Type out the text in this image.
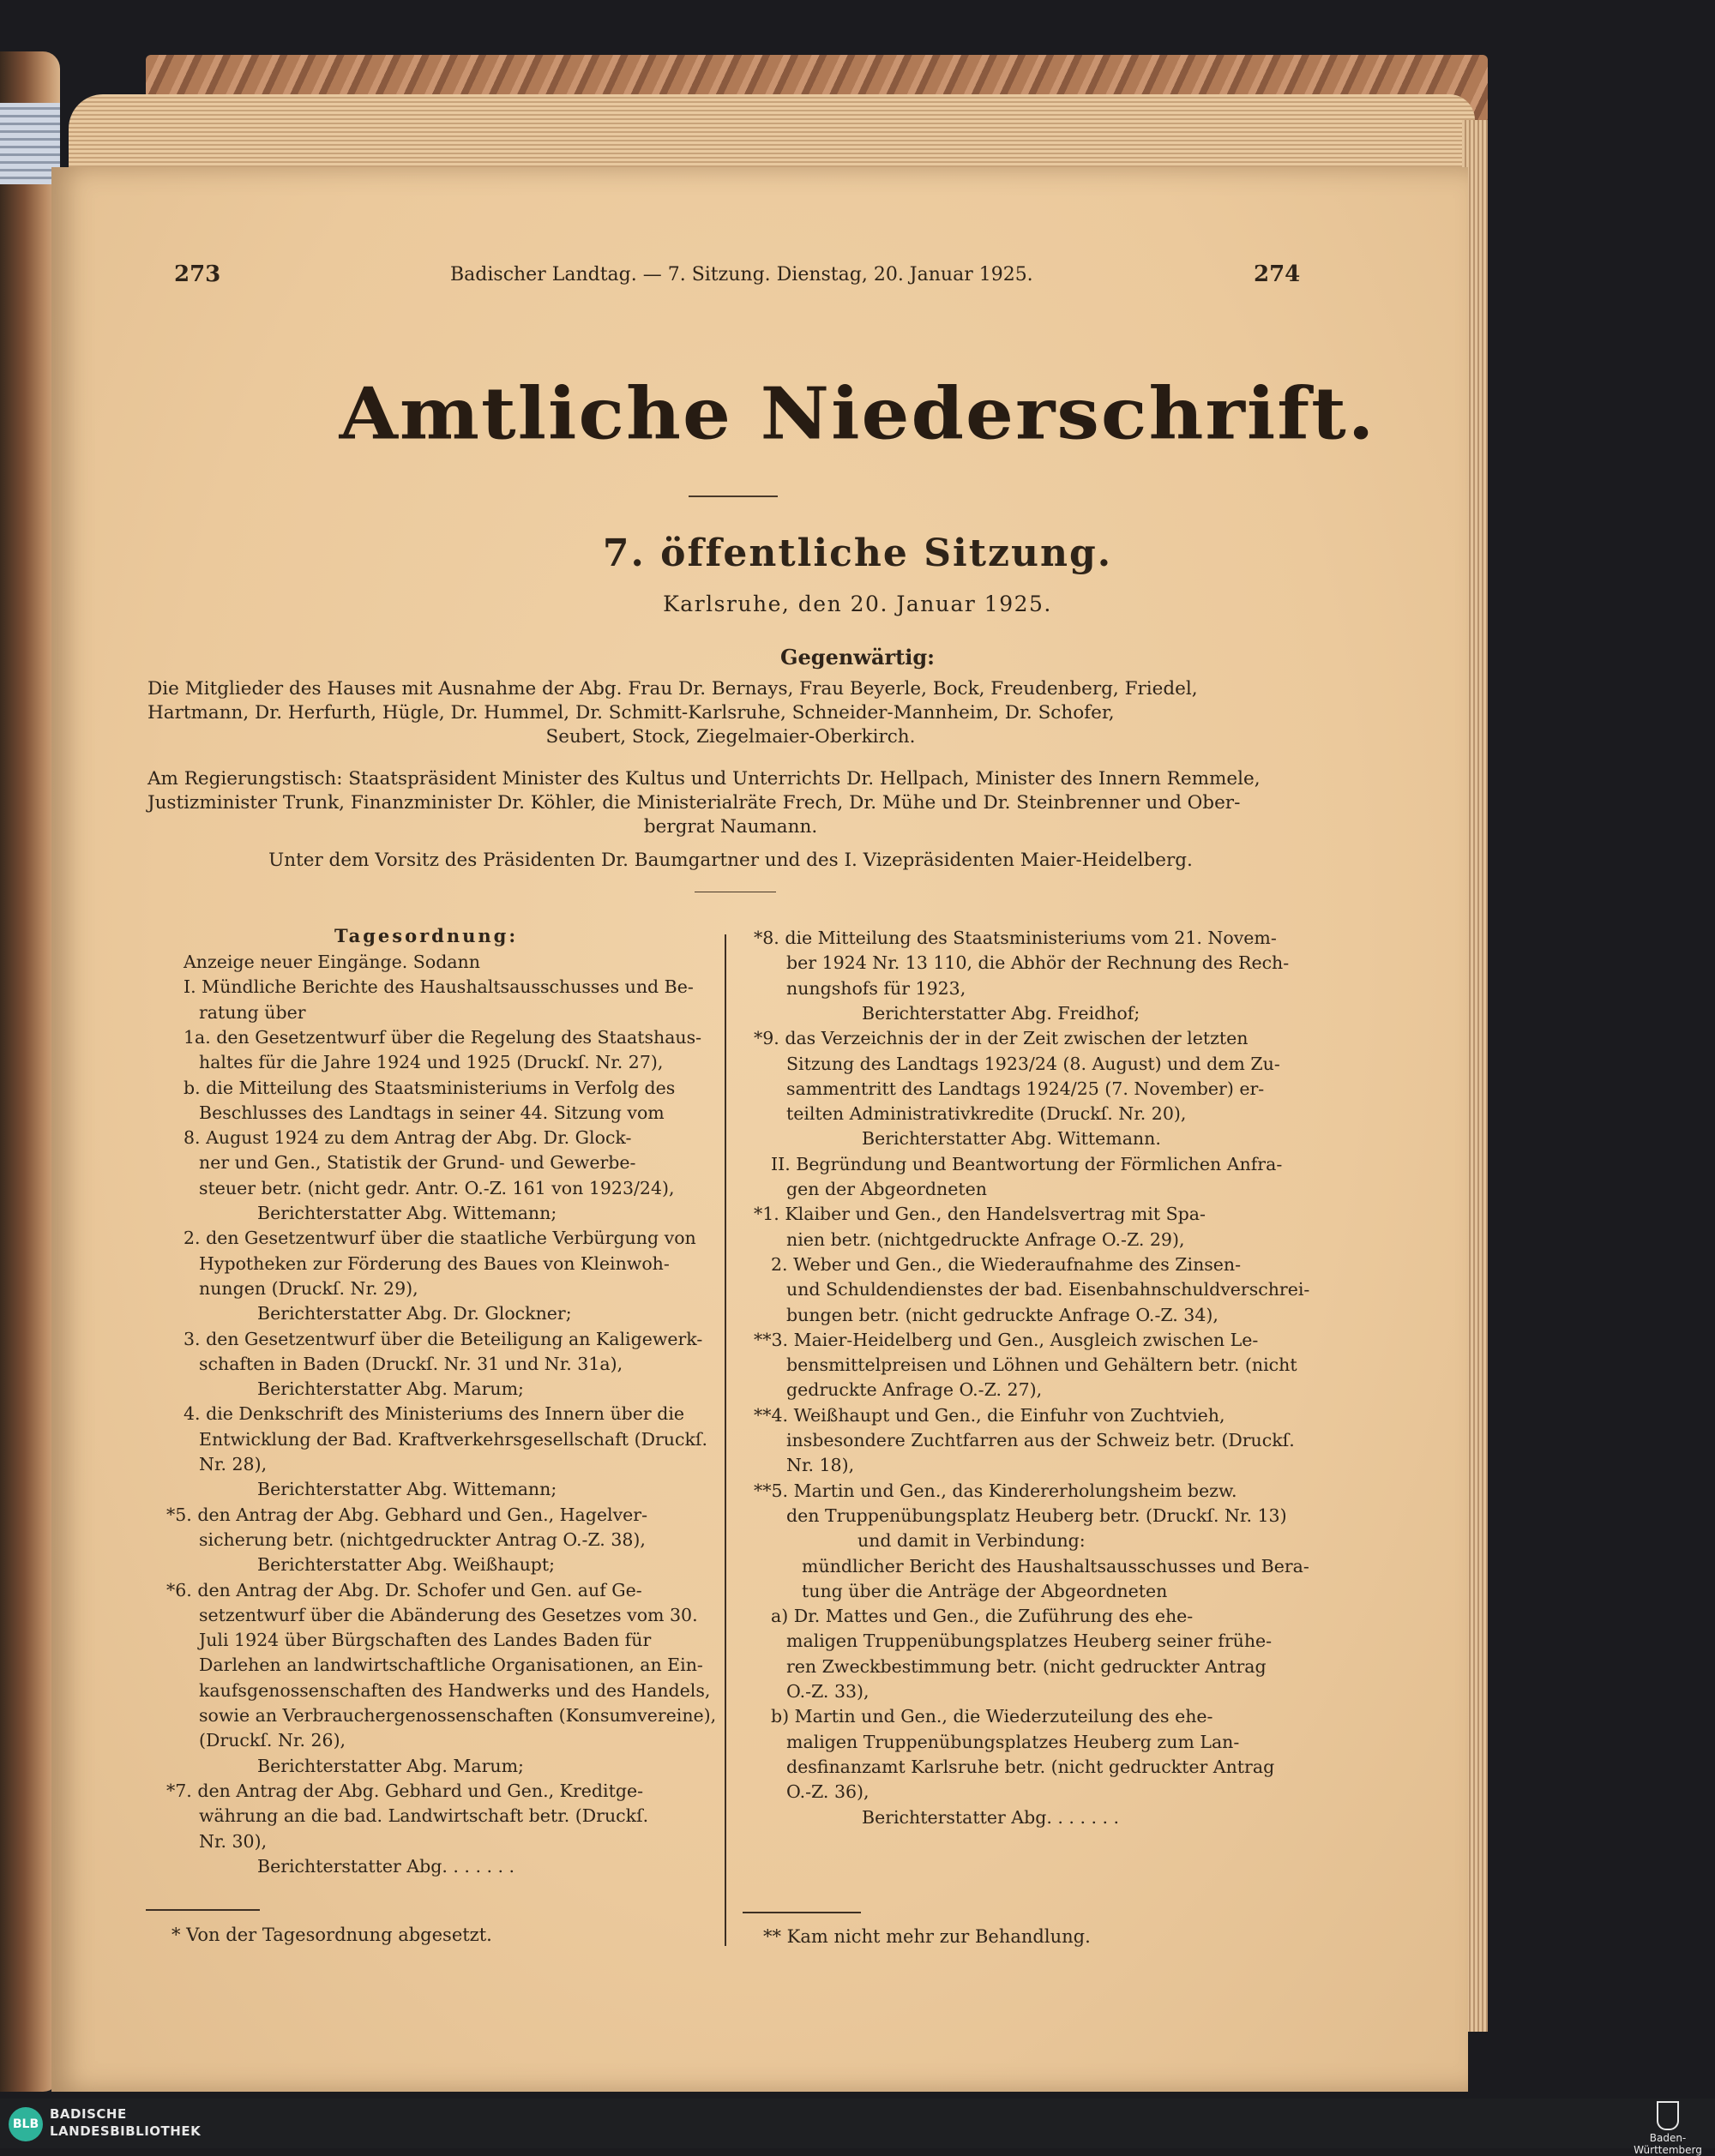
273	Badischer Landtag. — 7. Sitzung. Dienstag, 20. Januar 1925.	274
Amtliche Niederschrift.
7. öffentliche Sitzung.
Karlsruhe, den 20. Januar 1925.
Gegenwärtig:

Die Mitglieder des Hauses mit Ausnahme der Abg. Frau Dr. Bernays, Frau Beyerle, Bock, Freudenberg, Friedel,

Hartmann, Dr. Herfurth, Hügle, Dr. Hummel, Dr. Schmitt-Karlsruhe, Schneider-Mannheim, Dr. Schofer,

Seubert, Stock, Ziegelmaier-Oberkirch.

Am Regierungstisch: Staatspräsident Minister des Kultus und Unterrichts Dr. Hellpach, Minister des Innern Remmele,

Justizminister Trunk, Finanzminister Dr. Köhler, die Ministerialräte Frech, Dr. Mühe und Dr. Steinbrenner und Ober-

bergrat Naumann.

Unter dem Vorsitz des Präsidenten Dr. Baumgartner und des I. Vizepräsidenten Maier-Heidelberg.
Tagesordnung:
Anzeige neuer Eingänge. Sodann
I. Mündliche Berichte des Haushaltsausschusses und Be-
ratung über
1a. den Gesetzentwurf über die Regelung des Staatshaus-
haltes für die Jahre 1924 und 1925 (Druckſ. Nr. 27),
b. die Mitteilung des Staatsministeriums in Verfolg des
Beschlusses des Landtags in seiner 44. Sitzung vom
8. August 1924 zu dem Antrag der Abg. Dr. Glock-
ner und Gen., Statistik der Grund- und Gewerbe-
steuer betr. (nicht gedr. Antr. O.-Z. 161 von 1923/24),
Berichterstatter Abg. Wittemann;
2. den Gesetzentwurf über die staatliche Verbürgung von
Hypotheken zur Förderung des Baues von Kleinwoh-
nungen (Druckſ. Nr. 29),
Berichterstatter Abg. Dr. Glockner;
3. den Gesetzentwurf über die Beteiligung an Kaligewerk-
schaften in Baden (Druckſ. Nr. 31 und Nr. 31a),
Berichterstatter Abg. Marum;
4. die Denkschrift des Ministeriums des Innern über die
Entwicklung der Bad. Kraftverkehrsgesellschaft (Druckſ.
Nr. 28),
Berichterstatter Abg. Wittemann;
*5. den Antrag der Abg. Gebhard und Gen., Hagelver-
sicherung betr. (nichtgedruckter Antrag O.-Z. 38),
Berichterstatter Abg. Weißhaupt;
*6. den Antrag der Abg. Dr. Schofer und Gen. auf Ge-
setzentwurf über die Abänderung des Gesetzes vom 30.
Juli 1924 über Bürgschaften des Landes Baden für
Darlehen an landwirtschaftliche Organisationen, an Ein-
kaufsgenossenschaften des Handwerks und des Handels,
sowie an Verbrauchergenossenschaften (Konsumvereine),
(Druckſ. Nr. 26),
Berichterstatter Abg. Marum;
*7. den Antrag der Abg. Gebhard und Gen., Kreditge-
währung an die bad. Landwirtschaft betr. (Druckſ.
Nr. 30),
Berichterstatter Abg. . . . . . .
*8. die Mitteilung des Staatsministeriums vom 21. Novem-
ber 1924 Nr. 13 110, die Abhör der Rechnung des Rech-
nungshofs für 1923,
Berichterstatter Abg. Freidhof;
*9. das Verzeichnis der in der Zeit zwischen der letzten
Sitzung des Landtags 1923/24 (8. August) und dem Zu-
sammentritt des Landtags 1924/25 (7. November) er-
teilten Administrativkredite (Druckſ. Nr. 20),
Berichterstatter Abg. Wittemann.
II. Begründung und Beantwortung der Förmlichen Anfra-
gen der Abgeordneten
*1. Klaiber und Gen., den Handelsvertrag mit Spa-
nien betr. (nichtgedruckte Anfrage O.-Z. 29),
2. Weber und Gen., die Wiederaufnahme des Zinsen-
und Schuldendienstes der bad. Eisenbahnschuldverschrei-
bungen betr. (nicht gedruckte Anfrage O.-Z. 34),
**3. Maier-Heidelberg und Gen., Ausgleich zwischen Le-
bensmittelpreisen und Löhnen und Gehältern betr. (nicht
gedruckte Anfrage O.-Z. 27),
**4. Weißhaupt und Gen., die Einfuhr von Zuchtvieh,
insbesondere Zuchtfarren aus der Schweiz betr. (Druckſ.
Nr. 18),
**5. Martin und Gen., das Kindererholungsheim bezw.
den Truppenübungsplatz Heuberg betr. (Druckſ. Nr. 13)
und damit in Verbindung:
mündlicher Bericht des Haushaltsausschusses und Bera-
tung über die Anträge der Abgeordneten
a) Dr. Mattes und Gen., die Zuführung des ehe-
maligen Truppenübungsplatzes Heuberg seiner frühe-
ren Zweckbestimmung betr. (nicht gedruckter Antrag
O.-Z. 33),
b) Martin und Gen., die Wiederzuteilung des ehe-
maligen Truppenübungsplatzes Heuberg zum Lan-
desfinanzamt Karlsruhe betr. (nicht gedruckter Antrag
O.-Z. 36),
Berichterstatter Abg. . . . . . .
* Von der Tagesordnung abgesetzt.	** Kam nicht mehr zur Behandlung.
BLB
BADISCHE
LANDESBIBLIOTHEK	Baden-Württemberg
